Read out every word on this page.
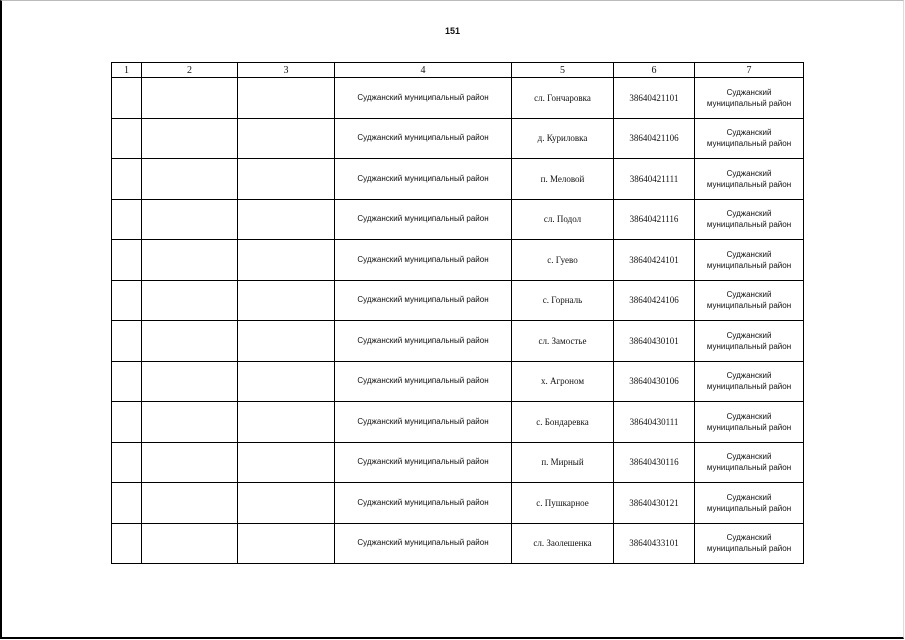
151
1	2	3	4	5	6	7
			Суджанский муниципальный район	сл. Гончаровка	38640421101	Суджанский
муниципальный район

			Суджанский муниципальный район	д. Куриловка	38640421106	Суджанский
муниципальный район

			Суджанский муниципальный район	п. Меловой	38640421111	Суджанский
муниципальный район

			Суджанский муниципальный район	сл. Подол	38640421116	Суджанский
муниципальный район

			Суджанский муниципальный район	с. Гуево	38640424101	Суджанский
муниципальный район

			Суджанский муниципальный район	с. Горналь	38640424106	Суджанский
муниципальный район

			Суджанский муниципальный район	сл. Замостье	38640430101	Суджанский
муниципальный район

			Суджанский муниципальный район	х. Агроном	38640430106	Суджанский
муниципальный район

			Суджанский муниципальный район	с. Бондаревка	38640430111	Суджанский
муниципальный район

			Суджанский муниципальный район	п. Мирный	38640430116	Суджанский
муниципальный район

			Суджанский муниципальный район	с. Пушкарное	38640430121	Суджанский
муниципальный район

			Суджанский муниципальный район	сл. Заолешенка	38640433101	Суджанский
муниципальный район
